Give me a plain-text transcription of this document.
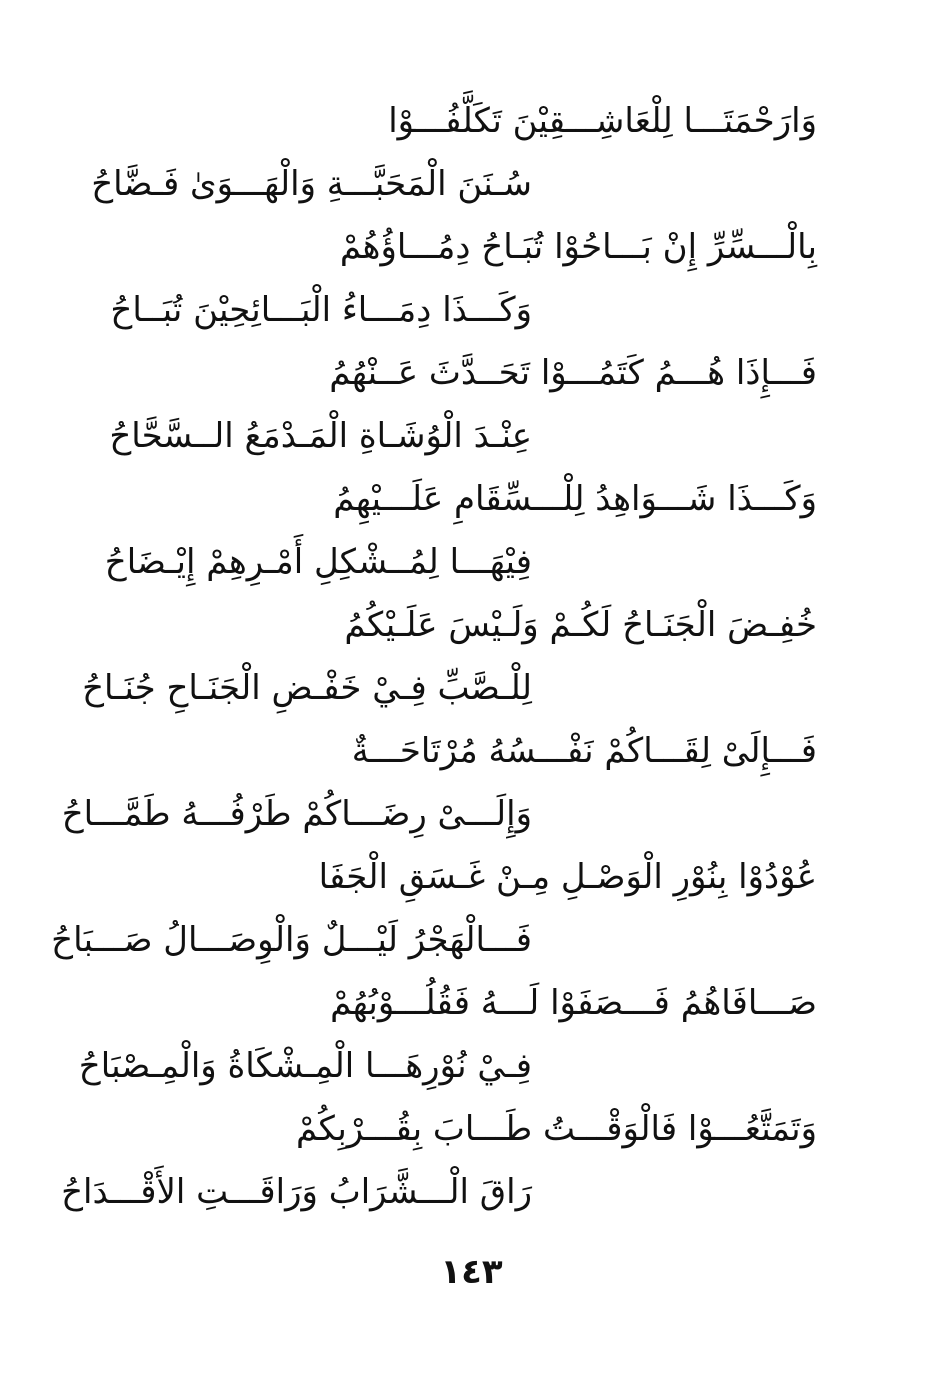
وَارَحْمَتَـــا لِلْعَاشِـــقِيْنَ تَكَلَّفُـــوْا
سُـنَنَ الْمَحَبَّـــةِ وَالْهَـــوَىٰ فَـضَّاحُ
بِالْـــسِّرِّ إِنْ بَـــاحُوْا تُبَـاحُ دِمُـــاؤُهُمْ
وَكَـــذَا دِمَـــاءُ الْبَـــائِحِيْنَ تُبَــاحُ
فَـــإِذَا هُـــمُ كَتَمُـــوْا تَحَــدَّثَ عَــنْهُمُ
عِنْـدَ الْوُشَـاةِ الْمَـدْمَعُ الــسَّحَّاحُ
وَكَـــذَا شَـــوَاهِدُ لِلْـــسِّقَامِ عَلَـــيْهِمُ
فِيْهَـــا لِمُــشْكِلِ أَمْـرِهِمْ إِيْـضَاحُ
خُفِـضَ الْجَنَـاحُ لَكُـمْ وَلَـيْسَ عَلَـيْكُمُ
لِلْـصَّبِّ فِـيْ خَفْـضِ الْجَنَـاحِ جُنَـاحُ
فَـــإِلَىْ لِقَـــاكُمْ نَفْـــسُهُ مُرْتَاحَـــةٌ
وَإِلَـــىْ رِضَـــاكُمْ طَرْفُـــهُ طَمَّـــاحُ
عُوْدُوْا بِنُوْرِ الْوَصْـلِ مِـنْ غَـسَقِ الْجَفَا
فَـــالْهَجْرُ لَيْـــلٌ وَالْوِصَـــالُ صَـــبَاحُ
صَـــافَاهُمُ فَـــصَفَوْا لَـــهُ فَقُلُـــوْبُهُمْ
فِـيْ نُوْرِهَـــا الْمِـشْكَاةُ وَالْمِـصْبَاحُ
وَتَمَتَّعُـــوْا فَالْوَقْـــتُ طَـــابَ بِقُـــرْبِكُمْ
رَاقَ الْـــشَّرَابُ وَرَاقَـــتِ الأَقْـــدَاحُ
١٤٣
